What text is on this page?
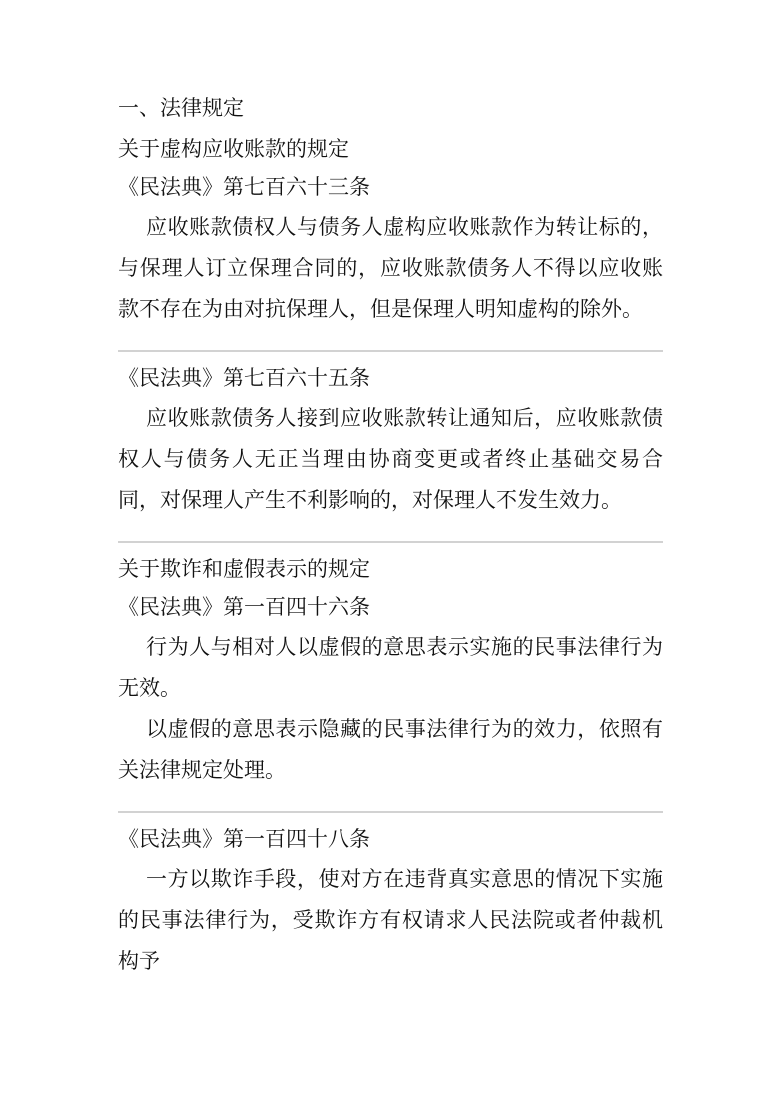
一、法律规定
关于虚构应收账款的规定
《民法典》第七百六十三条

应收账款债权人与债务人虚构应收账款作为转让标的，与保理人订立保理合同的，应收账款债务人不得以应收账款不存在为由对抗保理人，但是保理人明知虚构的除外。

《民法典》第七百六十五条

应收账款债务人接到应收账款转让通知后，应收账款债权人与债务人无正当理由协商变更或者终止基础交易合同，对保理人产生不利影响的，对保理人不发生效力。

关于欺诈和虚假表示的规定
《民法典》第一百四十六条

行为人与相对人以虚假的意思表示实施的民事法律行为无效。

以虚假的意思表示隐藏的民事法律行为的效力，依照有关法律规定处理。

《民法典》第一百四十八条

一方以欺诈手段，使对方在违背真实意思的情况下实施的民事法律行为，受欺诈方有权请求人民法院或者仲裁机构予
